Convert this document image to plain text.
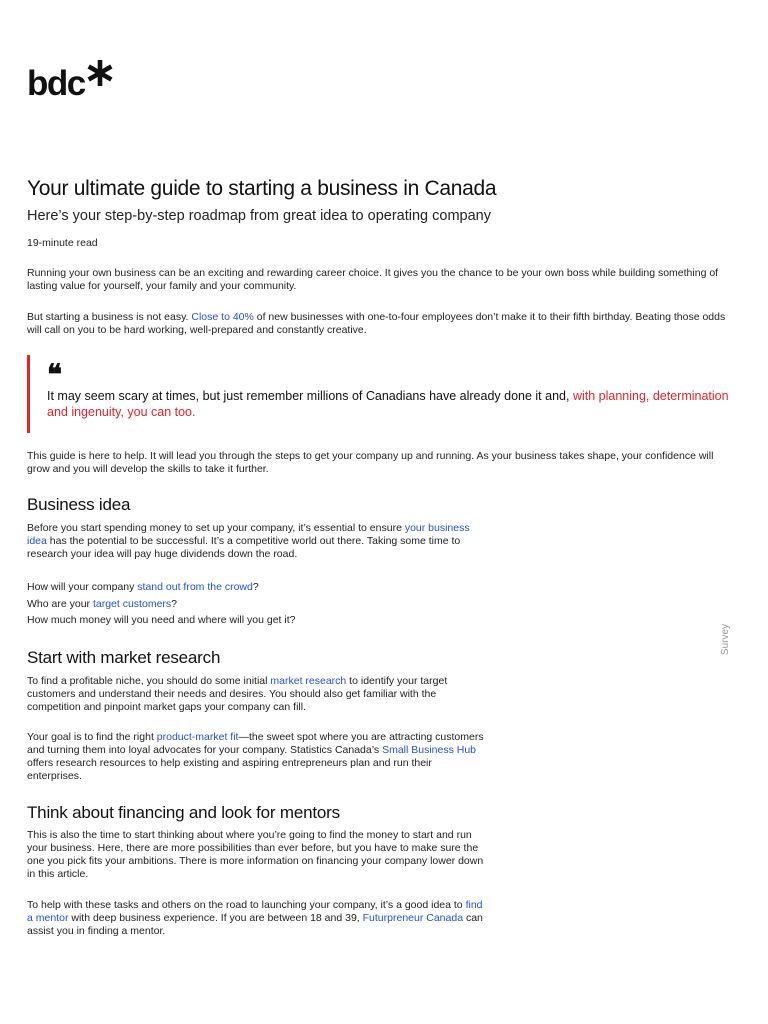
bdc
Your ultimate guide to starting a business in Canada
Here’s your step-by-step roadmap from great idea to operating company
19-minute read

Running your own business can be an exciting and rewarding career choice. It gives you the chance to be your own boss while building something of lasting value for yourself, your family and your community.

But starting a business is not easy. Close to 40% of new businesses with one-to-four employees don’t make it to their fifth birthday. Beating those odds will call on you to be hard working, well-prepared and constantly creative.

❝
It may seem scary at times, but just remember millions of Canadians have already done it and, with planning, determination and ingenuity, you can too.

This guide is here to help. It will lead you through the steps to get your company up and running. As your business takes shape, your confidence will grow and you will develop the skills to take it further.

Business idea

Before you start spending money to set up your company, it’s essential to ensure your business idea has the potential to be successful. It’s a competitive world out there. Taking some time to research your idea will pay huge dividends down the road.

How will your company stand out from the crowd?
Who are your target customers?
How much money will you need and where will you get it?
Start with market research

To find a profitable niche, you should do some initial market research to identify your target customers and understand their needs and desires. You should also get familiar with the competition and pinpoint market gaps your company can fill.

Your goal is to find the right product-market fit—the sweet spot where you are attracting customers and turning them into loyal advocates for your company. Statistics Canada’s Small Business Hub offers research resources to help existing and aspiring entrepreneurs plan and run their enterprises.

Think about financing and look for mentors

This is also the time to start thinking about where you’re going to find the money to start and run your business. Here, there are more possibilities than ever before, but you have to make sure the one you pick fits your ambitions. There is more information on financing your company lower down in this article.

To help with these tasks and others on the road to launching your company, it’s a good idea to find a mentor with deep business experience. If you are between 18 and 39, Futurpreneur Canada can assist you in finding a mentor.

Survey
